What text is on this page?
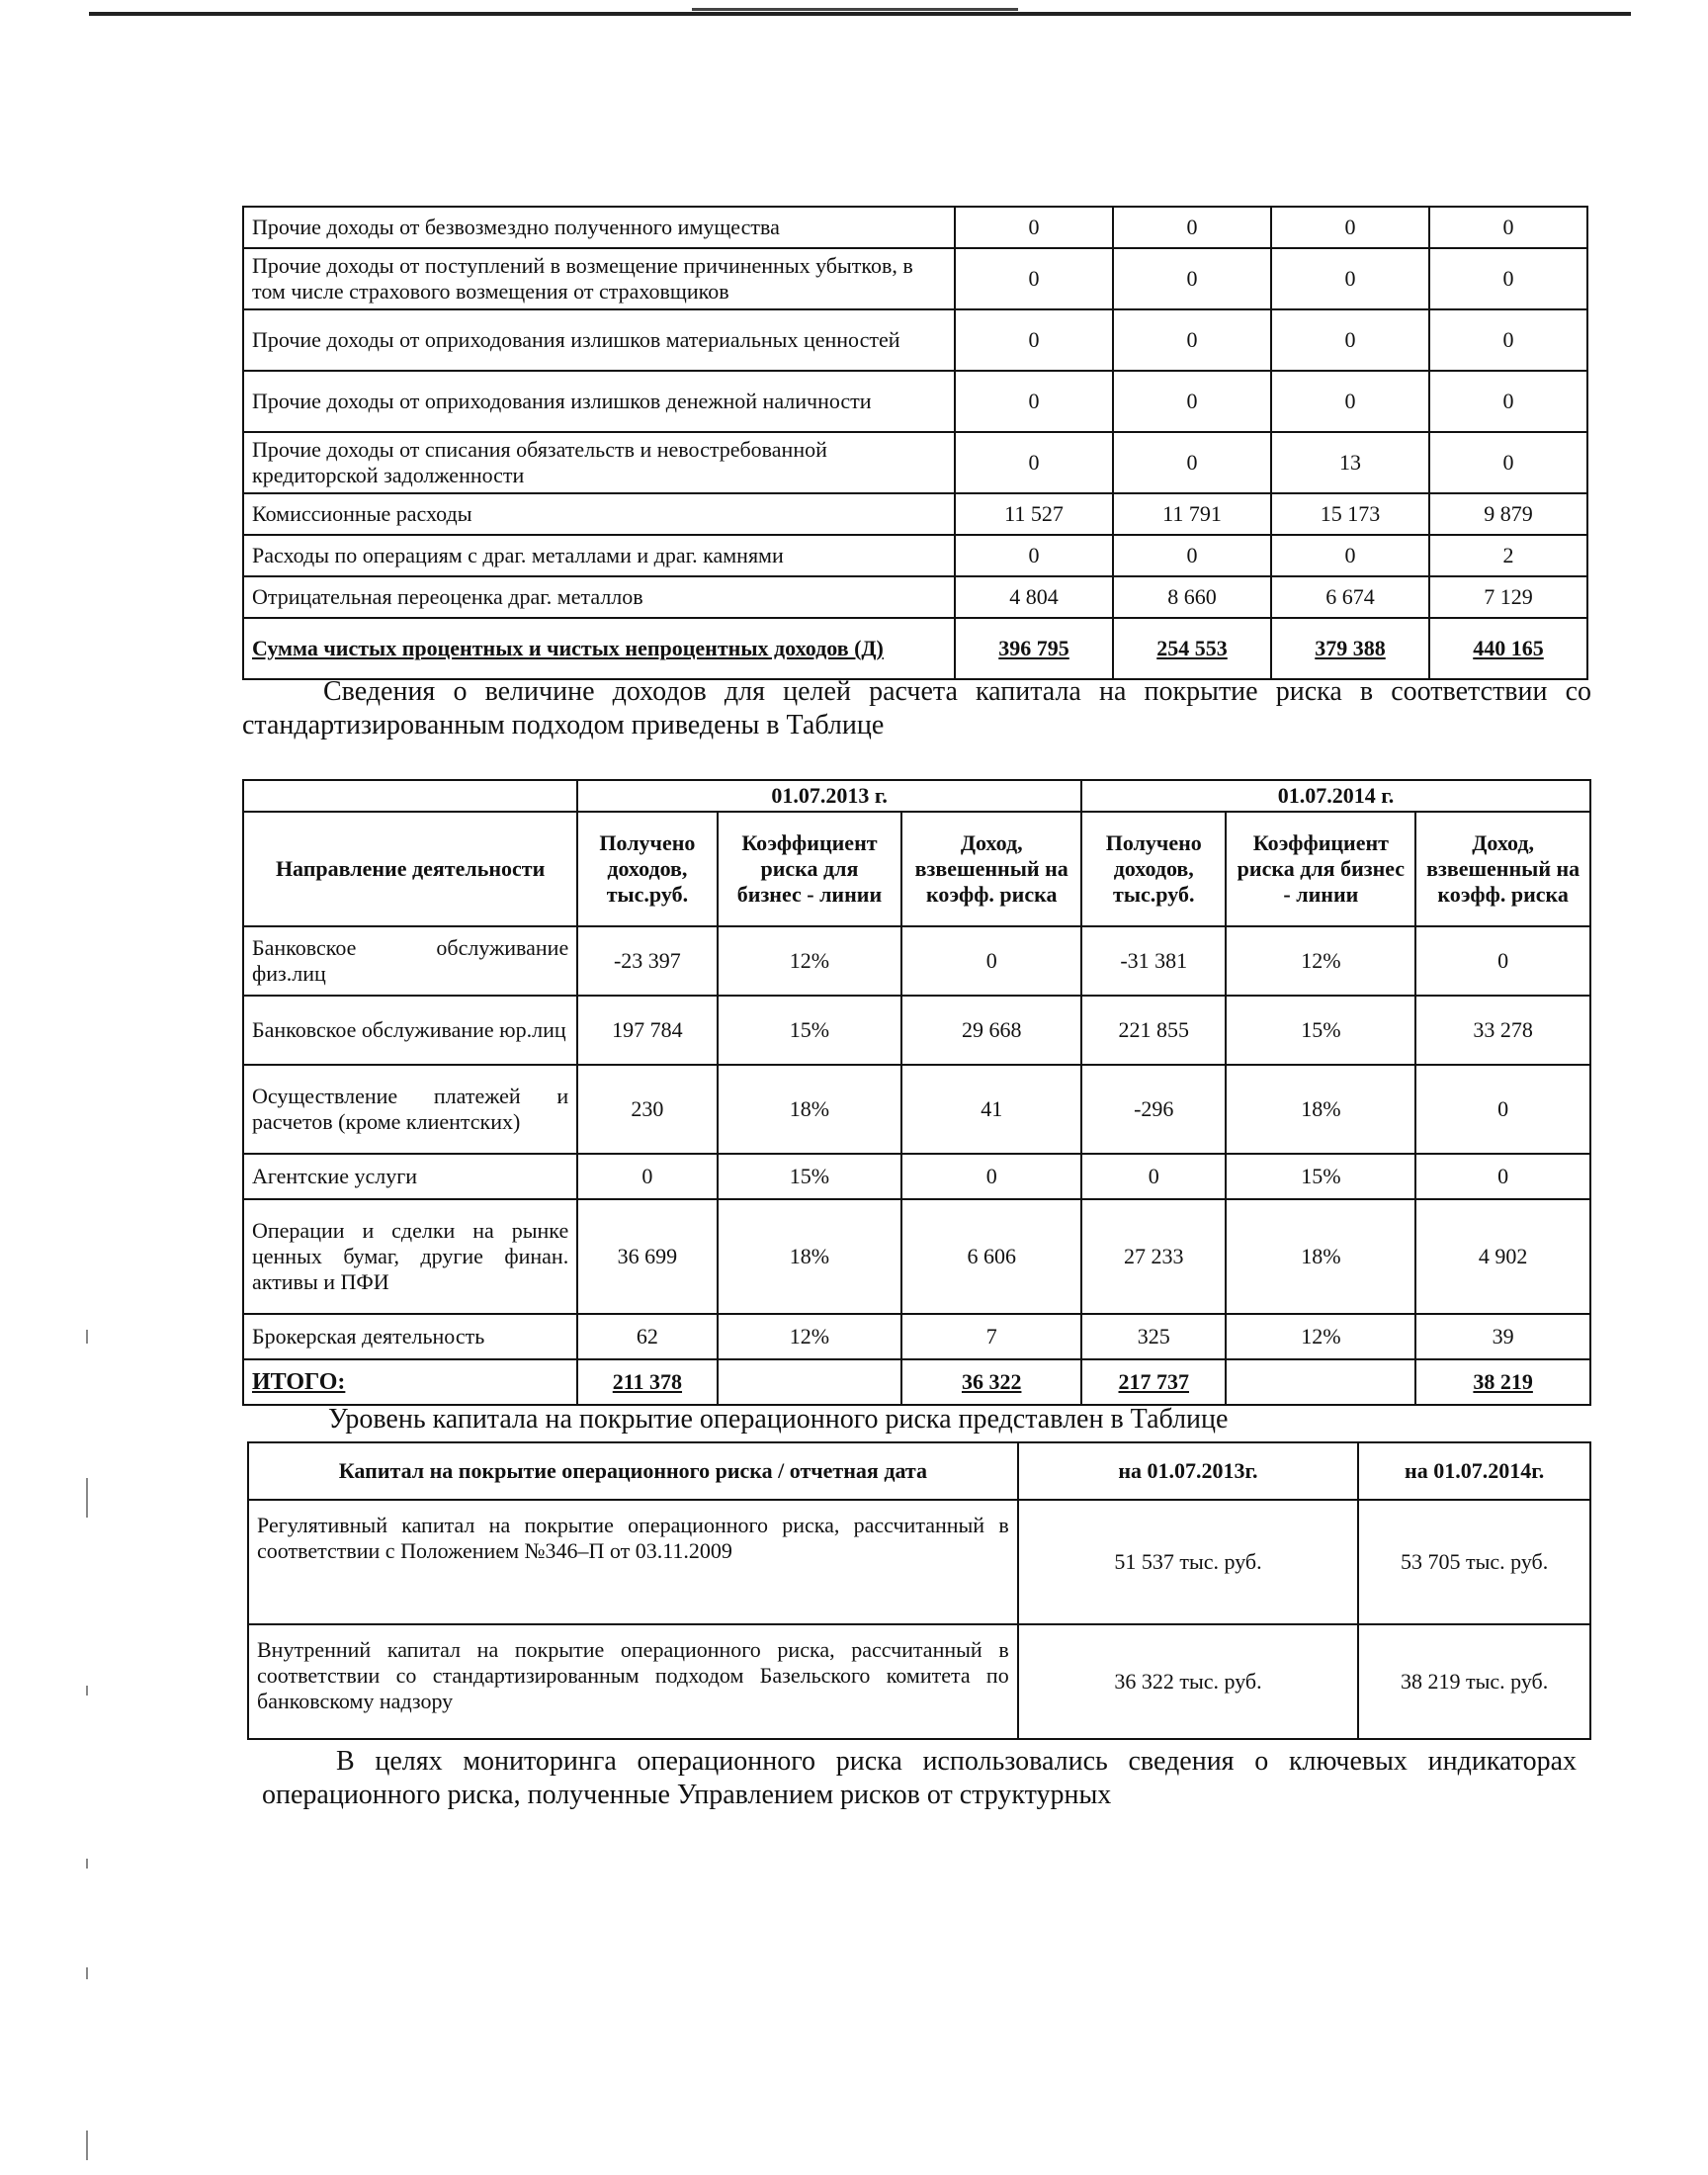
Прочие доходы от безвозмездно полученного имущества	0	0	0	0
Прочие доходы от поступлений в возмещение причиненных убытков, в том числе страхового возмещения от страховщиков	0	0	0	0
Прочие доходы от оприходования излишков материальных ценностей	0	0	0	0
Прочие доходы от оприходования излишков денежной наличности	0	0	0	0
Прочие доходы от списания обязательств и невостребованной кредиторской задолженности	0	0	13	0
Комиссионные расходы	11 527	11 791	15 173	9 879
Расходы по операциям с драг. металлами и драг. камнями	0	0	0	2
Отрицательная переоценка драг. металлов	4 804	8 660	6 674	7 129
Сумма чистых процентных и чистых непроцентных доходов (Д)	396 795	254 553	379 388	440 165
Сведения о величине доходов для целей расчета капитала на покрытие риска в соответствии со стандартизированным подходом приведены в Таблице
	01.07.2013 г.			01.07.2014 г.		
Направление деятельности	Получено доходов, тыс.руб.	Коэффициент риска для бизнес - линии	Доход, взвешенный на коэфф. риска	Получено доходов, тыс.руб.	Коэффициент риска для бизнес - линии	Доход, взвешенный на коэфф. риска
Банковское обслуживание физ.лиц	-23 397	12%	0	-31 381	12%	0
Банковское обслуживание юр.лиц	197 784	15%	29 668	221 855	15%	33 278
Осуществление платежей и расчетов (кроме клиентских)	230	18%	41	-296	18%	0
Агентские услуги	0	15%	0	0	15%	0
Операции и сделки на рынке ценных бумаг, другие финан. активы и ПФИ	36 699	18%	6 606	27 233	18%	4 902
Брокерская деятельность	62	12%	7	325	12%	39
ИТОГО:	211 378		36 322	217 737		38 219
Уровень капитала на покрытие операционного риска представлен в Таблице
Капитал на покрытие операционного риска / отчетная дата	на 01.07.2013г.	на 01.07.2014г.
Регулятивный капитал на покрытие операционного риска, рассчитанный в соответствии с Положением №346–П от 03.11.2009	51 537 тыс. руб.	53 705 тыс. руб.
Внутренний капитал на покрытие операционного риска, рассчитанный в соответствии со стандартизированным подходом Базельского комитета по банковскому надзору	36 322 тыс. руб.	38 219 тыс. руб.
В целях мониторинга операционного риска использовались сведения о ключевых индикаторах операционного риска, полученные Управлением рисков от структурных
